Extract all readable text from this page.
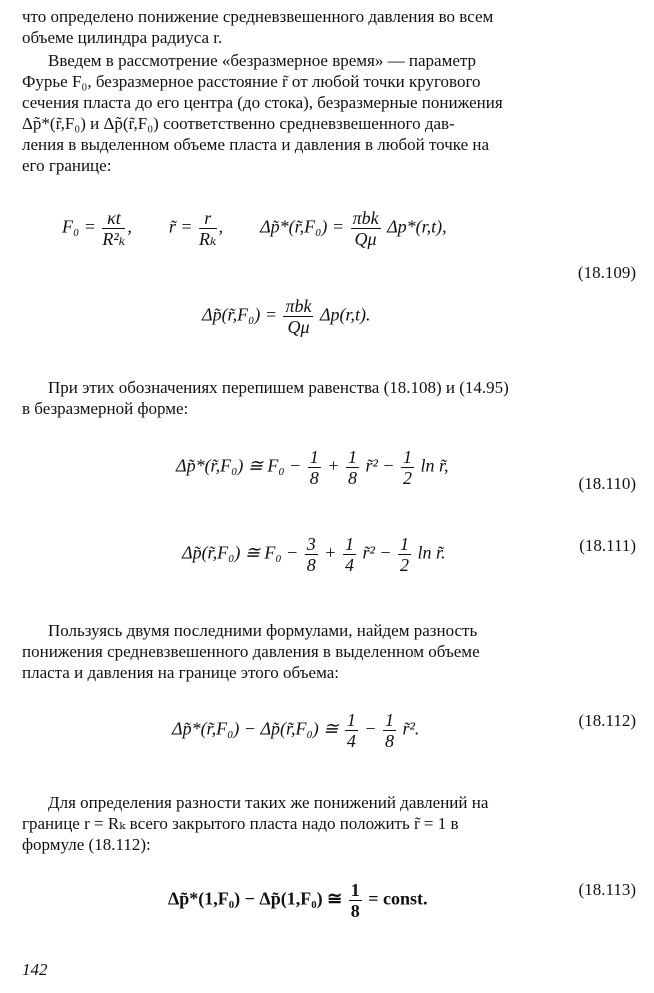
что определено понижение средневзвешенного давления во всем
объеме цилиндра радиуса r.

Введем в рассмотрение «безразмерное время» — параметр
Фурье F₀, безразмерное расстояние r̃ от любой точки кругового
сечения пласта до его центра (до стока), безразмерные понижения
Δp̃*(r̃,F₀) и Δp̃(r̃,F₀) соответственно средневзвешенного дав-
ления в выделенном объеме пласта и давления в любой точке на
его границе:

$F_0 = \frac{\kappa t}{\text{R²ₖ}}$ ,  r̃ = $\frac{r}{\text{Rₖ}}$ ,  Δp̃*(r̃,F₀) = $\frac{\text{πbk}}{Q\mu} \Delta p*(r,t)$,
(18.109)
Δp̃(r̃,F₀) = $\frac{\text{πbk}}{Q\mu} \Delta p(r,t)$.

При этих обозначениях перепишем равенства (18.108) и (14.95)
в безразмерной форме:

Δp̃*(r̃,F₀) ≅ $F_0 - \frac{1}{8} + \frac{1}{8}$ r̃² − $\frac{1}{2}$ ln r̃,
(18.110)
Δp̃(r̃,F₀) ≅ $F_0 - \frac{3}{8} + \frac{1}{4}$ r̃² − $\frac{1}{2}$ ln r̃.	(18.111)

Пользуясь двумя последними формулами, найдем разность
понижения средневзвешенного давления в выделенном объеме
пласта и давления на границе этого объема:

Δp̃*(r̃,F₀) − Δp̃(r̃,F₀) ≅ $\frac{1}{4} - \frac{1}{8}$ r̃².	(18.112)

Для определения разности таких же понижений давлений на
границе r = Rₖ всего закрытого пласта надо положить r̃ = 1 в
формуле (18.112):

Δp̃*(1,F₀) − Δp̃(1,F₀) ≅ $\frac{1}{8}$ = const.	(18.113)
142
